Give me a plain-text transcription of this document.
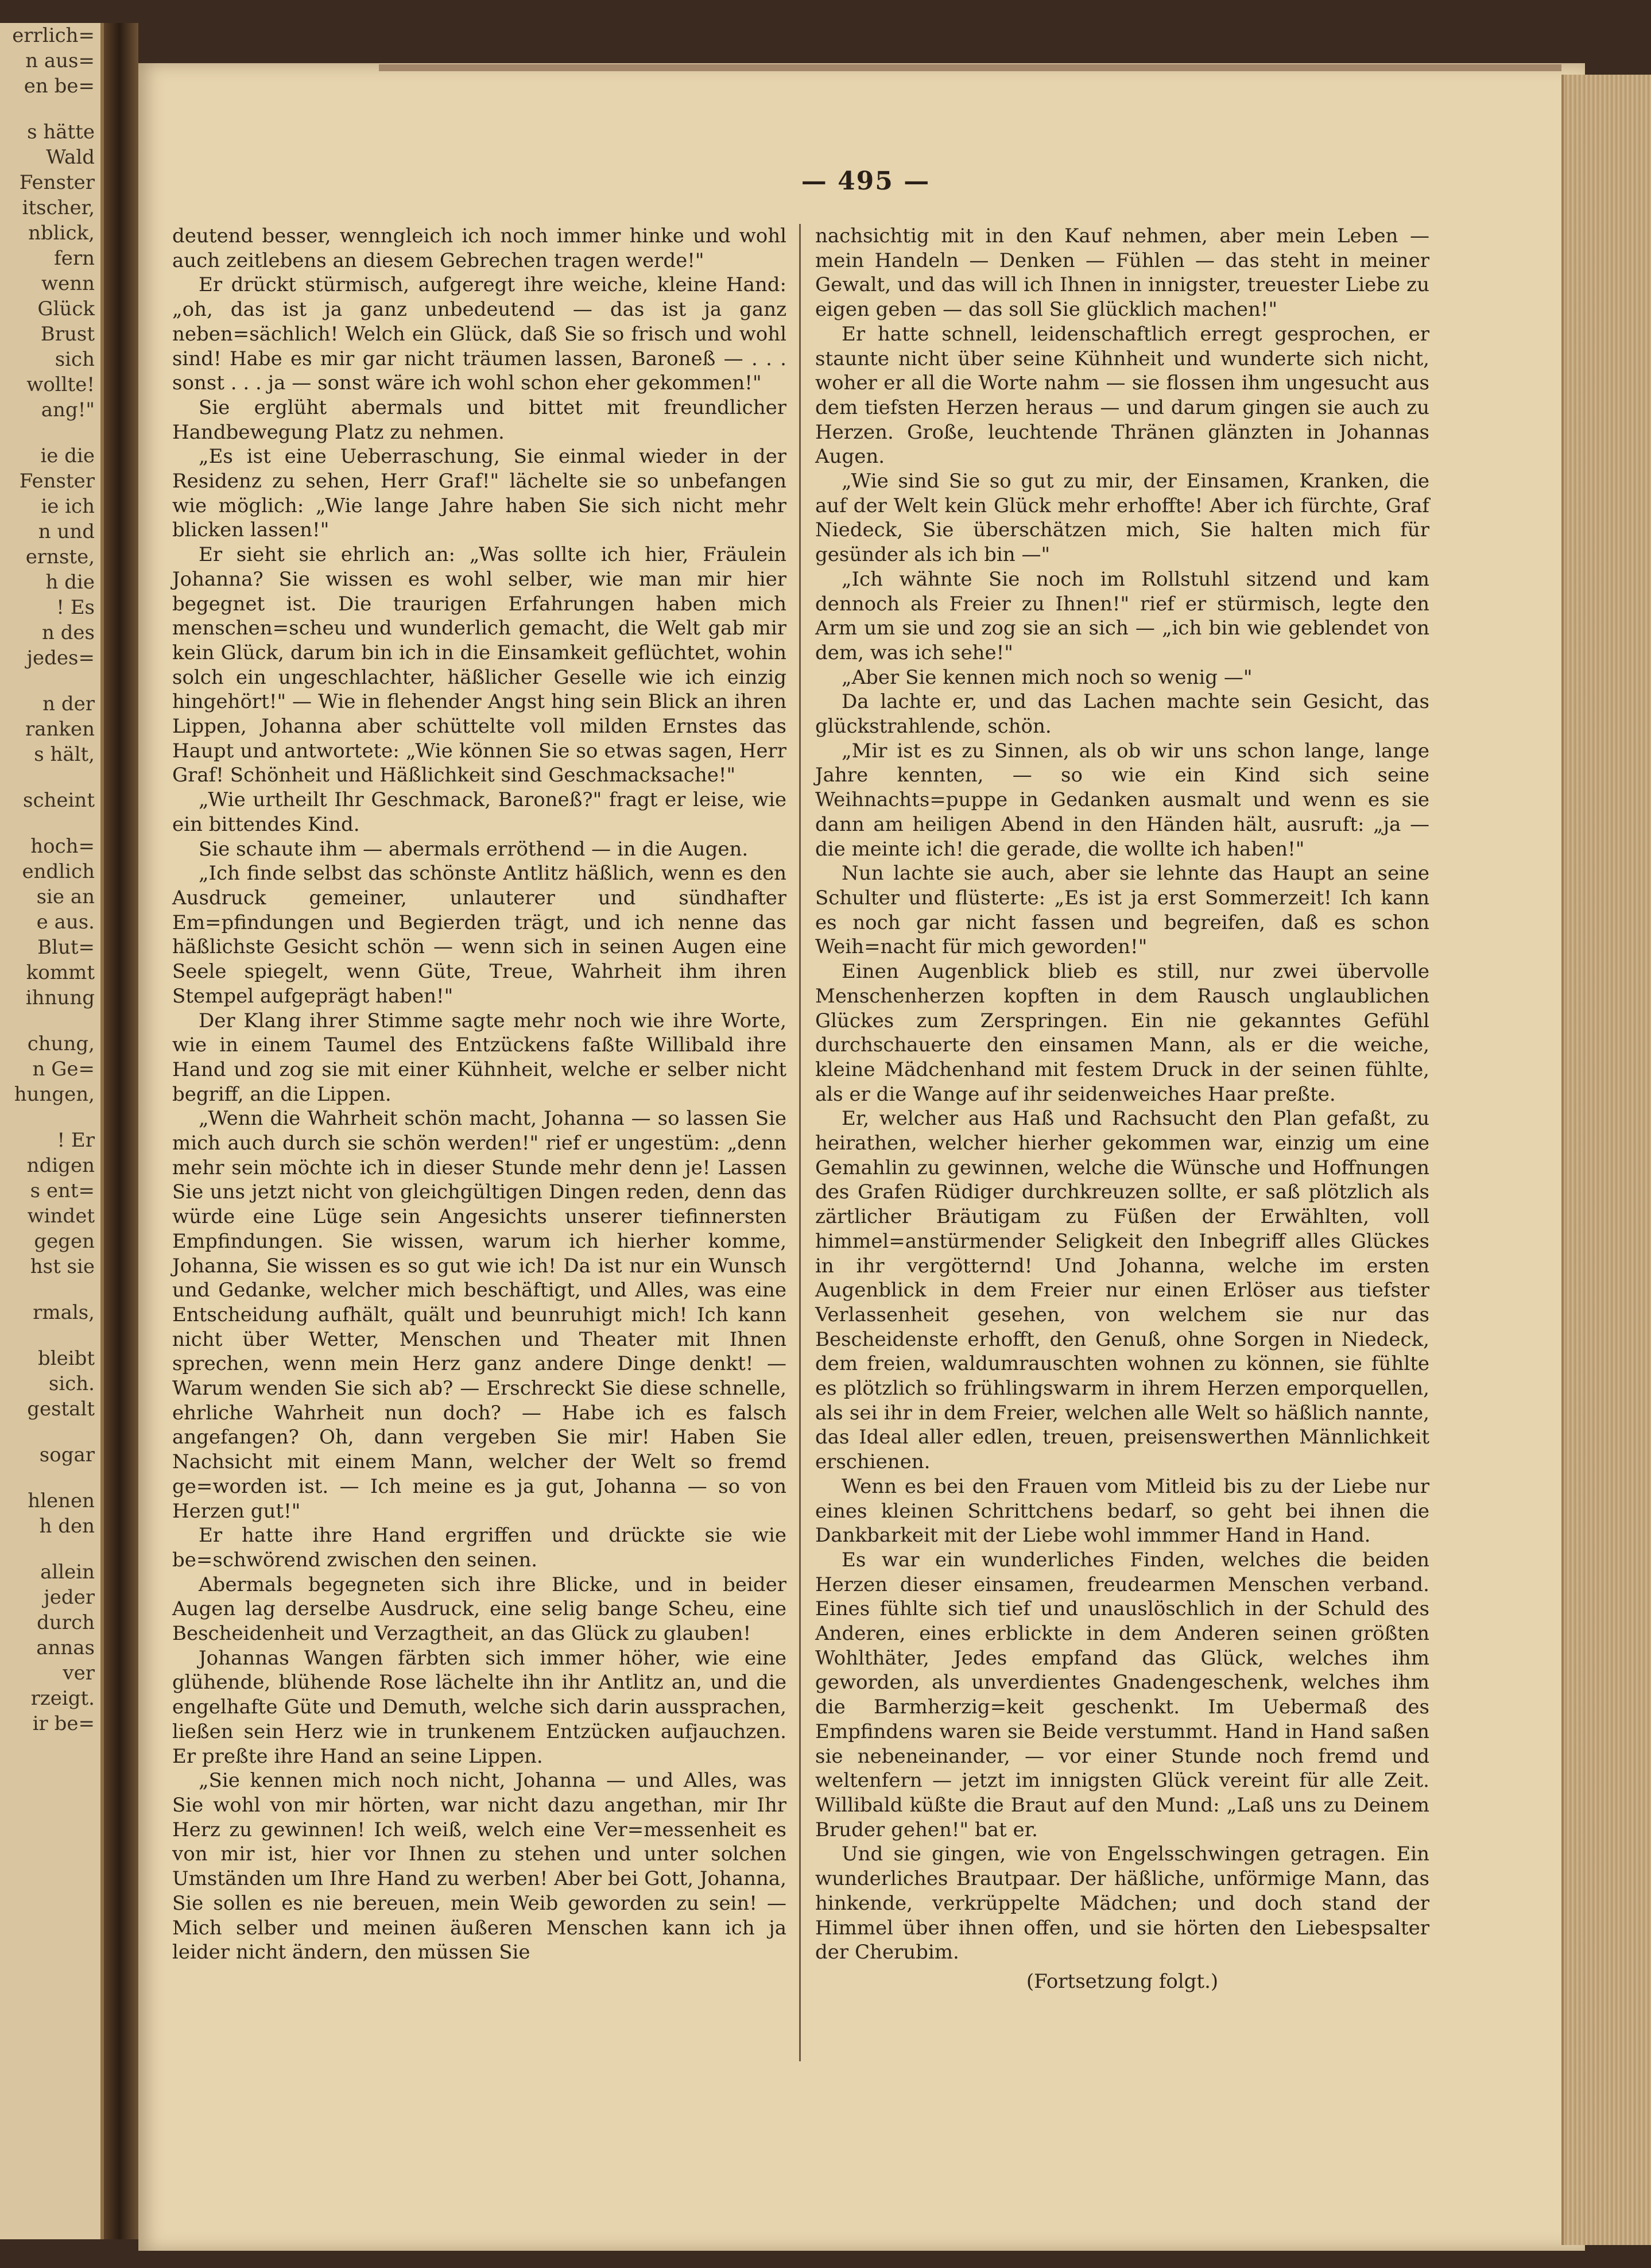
errlich=
n aus=
en be=
s hätte
Wald
Fenster
itscher,
nblick,
fern
wenn
Glück
Brust
sich
wollte!
ang!"
ie die
Fenster
ie ich
n und
ernste,
h die
! Es
n des
jedes=
n der
ranken
s hält,
scheint
hoch=
endlich
sie an
e aus.
Blut=
kommt
ihnung
chung,
n Ge=
hungen,
! Er
ndigen
s ent=
windet
gegen
hst sie
rmals,
bleibt
sich.
gestalt
sogar
hlenen
h den
allein
jeder
durch
annas
ver
rzeigt.
ir be=
— 495 —

deutend besser, wenngleich ich noch immer hinke und wohl auch zeitlebens an diesem Gebrechen tragen werde!"

Er drückt stürmisch, aufgeregt ihre weiche, kleine Hand: „oh, das ist ja ganz unbedeutend — das ist ja ganz neben=sächlich! Welch ein Glück, daß Sie so frisch und wohl sind! Habe es mir gar nicht träumen lassen, Baroneß — . . . sonst . . . ja — sonst wäre ich wohl schon eher gekommen!"

Sie erglüht abermals und bittet mit freundlicher Handbewegung Platz zu nehmen.

„Es ist eine Ueberraschung, Sie einmal wieder in der Residenz zu sehen, Herr Graf!" lächelte sie so unbefangen wie möglich: „Wie lange Jahre haben Sie sich nicht mehr blicken lassen!"

Er sieht sie ehrlich an: „Was sollte ich hier, Fräulein Johanna? Sie wissen es wohl selber, wie man mir hier begegnet ist. Die traurigen Erfahrungen haben mich menschen=scheu und wunderlich gemacht, die Welt gab mir kein Glück, darum bin ich in die Einsamkeit geflüchtet, wohin solch ein ungeschlachter, häßlicher Geselle wie ich einzig hingehört!" — Wie in flehender Angst hing sein Blick an ihren Lippen, Johanna aber schüttelte voll milden Ernstes das Haupt und antwortete: „Wie können Sie so etwas sagen, Herr Graf! Schönheit und Häßlichkeit sind Geschmacksache!"

„Wie urtheilt Ihr Geschmack, Baroneß?" fragt er leise, wie ein bittendes Kind.

Sie schaute ihm — abermals erröthend — in die Augen.

„Ich finde selbst das schönste Antlitz häßlich, wenn es den Ausdruck gemeiner, unlauterer und sündhafter Em=pfindungen und Begierden trägt, und ich nenne das häßlichste Gesicht schön — wenn sich in seinen Augen eine Seele spiegelt, wenn Güte, Treue, Wahrheit ihm ihren Stempel aufgeprägt haben!"

Der Klang ihrer Stimme sagte mehr noch wie ihre Worte, wie in einem Taumel des Entzückens faßte Willibald ihre Hand und zog sie mit einer Kühnheit, welche er selber nicht begriff, an die Lippen.

„Wenn die Wahrheit schön macht, Johanna — so lassen Sie mich auch durch sie schön werden!" rief er ungestüm: „denn mehr sein möchte ich in dieser Stunde mehr denn je! Lassen Sie uns jetzt nicht von gleichgültigen Dingen reden, denn das würde eine Lüge sein Angesichts unserer tiefinnersten Empfindungen. Sie wissen, warum ich hierher komme, Johanna, Sie wissen es so gut wie ich! Da ist nur ein Wunsch und Gedanke, welcher mich beschäftigt, und Alles, was eine Entscheidung aufhält, quält und beunruhigt mich! Ich kann nicht über Wetter, Menschen und Theater mit Ihnen sprechen, wenn mein Herz ganz andere Dinge denkt! — Warum wenden Sie sich ab? — Erschreckt Sie diese schnelle, ehrliche Wahrheit nun doch? — Habe ich es falsch angefangen? Oh, dann vergeben Sie mir! Haben Sie Nachsicht mit einem Mann, welcher der Welt so fremd ge=worden ist. — Ich meine es ja gut, Johanna — so von Herzen gut!"

Er hatte ihre Hand ergriffen und drückte sie wie be=schwörend zwischen den seinen.

Abermals begegneten sich ihre Blicke, und in beider Augen lag derselbe Ausdruck, eine selig bange Scheu, eine Bescheidenheit und Verzagtheit, an das Glück zu glauben!

Johannas Wangen färbten sich immer höher, wie eine glühende, blühende Rose lächelte ihn ihr Antlitz an, und die engelhafte Güte und Demuth, welche sich darin aussprachen, ließen sein Herz wie in trunkenem Entzücken aufjauchzen. Er preßte ihre Hand an seine Lippen.

„Sie kennen mich noch nicht, Johanna — und Alles, was Sie wohl von mir hörten, war nicht dazu angethan, mir Ihr Herz zu gewinnen! Ich weiß, welch eine Ver=messenheit es von mir ist, hier vor Ihnen zu stehen und unter solchen Umständen um Ihre Hand zu werben! Aber bei Gott, Johanna, Sie sollen es nie bereuen, mein Weib geworden zu sein! — Mich selber und meinen äußeren Menschen kann ich ja leider nicht ändern, den müssen Sie

nachsichtig mit in den Kauf nehmen, aber mein Leben — mein Handeln — Denken — Fühlen — das steht in meiner Gewalt, und das will ich Ihnen in innigster, treuester Liebe zu eigen geben — das soll Sie glücklich machen!"

Er hatte schnell, leidenschaftlich erregt gesprochen, er staunte nicht über seine Kühnheit und wunderte sich nicht, woher er all die Worte nahm — sie flossen ihm ungesucht aus dem tiefsten Herzen heraus — und darum gingen sie auch zu Herzen. Große, leuchtende Thränen glänzten in Johannas Augen.

„Wie sind Sie so gut zu mir, der Einsamen, Kranken, die auf der Welt kein Glück mehr erhoffte! Aber ich fürchte, Graf Niedeck, Sie überschätzen mich, Sie halten mich für gesünder als ich bin —"

„Ich wähnte Sie noch im Rollstuhl sitzend und kam dennoch als Freier zu Ihnen!" rief er stürmisch, legte den Arm um sie und zog sie an sich — „ich bin wie geblendet von dem, was ich sehe!"

„Aber Sie kennen mich noch so wenig —"

Da lachte er, und das Lachen machte sein Gesicht, das glückstrahlende, schön.

„Mir ist es zu Sinnen, als ob wir uns schon lange, lange Jahre kennten, — so wie ein Kind sich seine Weihnachts=puppe in Gedanken ausmalt und wenn es sie dann am heiligen Abend in den Händen hält, ausruft: „ja — die meinte ich! die gerade, die wollte ich haben!"

Nun lachte sie auch, aber sie lehnte das Haupt an seine Schulter und flüsterte: „Es ist ja erst Sommerzeit! Ich kann es noch gar nicht fassen und begreifen, daß es schon Weih=nacht für mich geworden!"

Einen Augenblick blieb es still, nur zwei übervolle Menschenherzen kopften in dem Rausch unglaublichen Glückes zum Zerspringen. Ein nie gekanntes Gefühl durchschauerte den einsamen Mann, als er die weiche, kleine Mädchenhand mit festem Druck in der seinen fühlte, als er die Wange auf ihr seidenweiches Haar preßte.

Er, welcher aus Haß und Rachsucht den Plan gefaßt, zu heirathen, welcher hierher gekommen war, einzig um eine Gemahlin zu gewinnen, welche die Wünsche und Hoffnungen des Grafen Rüdiger durchkreuzen sollte, er saß plötzlich als zärtlicher Bräutigam zu Füßen der Erwählten, voll himmel=anstürmender Seligkeit den Inbegriff alles Glückes in ihr vergötternd! Und Johanna, welche im ersten Augenblick in dem Freier nur einen Erlöser aus tiefster Verlassenheit gesehen, von welchem sie nur das Bescheidenste erhofft, den Genuß, ohne Sorgen in Niedeck, dem freien, waldumrauschten wohnen zu können, sie fühlte es plötzlich so frühlingswarm in ihrem Herzen emporquellen, als sei ihr in dem Freier, welchen alle Welt so häßlich nannte, das Ideal aller edlen, treuen, preisenswerthen Männlichkeit erschienen.

Wenn es bei den Frauen vom Mitleid bis zu der Liebe nur eines kleinen Schrittchens bedarf, so geht bei ihnen die Dankbarkeit mit der Liebe wohl immmer Hand in Hand.

Es war ein wunderliches Finden, welches die beiden Herzen dieser einsamen, freudearmen Menschen verband. Eines fühlte sich tief und unauslöschlich in der Schuld des Anderen, eines erblickte in dem Anderen seinen größten Wohlthäter, Jedes empfand das Glück, welches ihm geworden, als unverdientes Gnadengeschenk, welches ihm die Barmherzig=keit geschenkt. Im Uebermaß des Empfindens waren sie Beide verstummt. Hand in Hand saßen sie nebeneinander, — vor einer Stunde noch fremd und weltenfern — jetzt im innigsten Glück vereint für alle Zeit. Willibald küßte die Braut auf den Mund: „Laß uns zu Deinem Bruder gehen!" bat er.

Und sie gingen, wie von Engelsschwingen getragen. Ein wunderliches Brautpaar. Der häßliche, unförmige Mann, das hinkende, verkrüppelte Mädchen; und doch stand der Himmel über ihnen offen, und sie hörten den Liebespsalter der Cherubim.

(Fortsetzung folgt.)
